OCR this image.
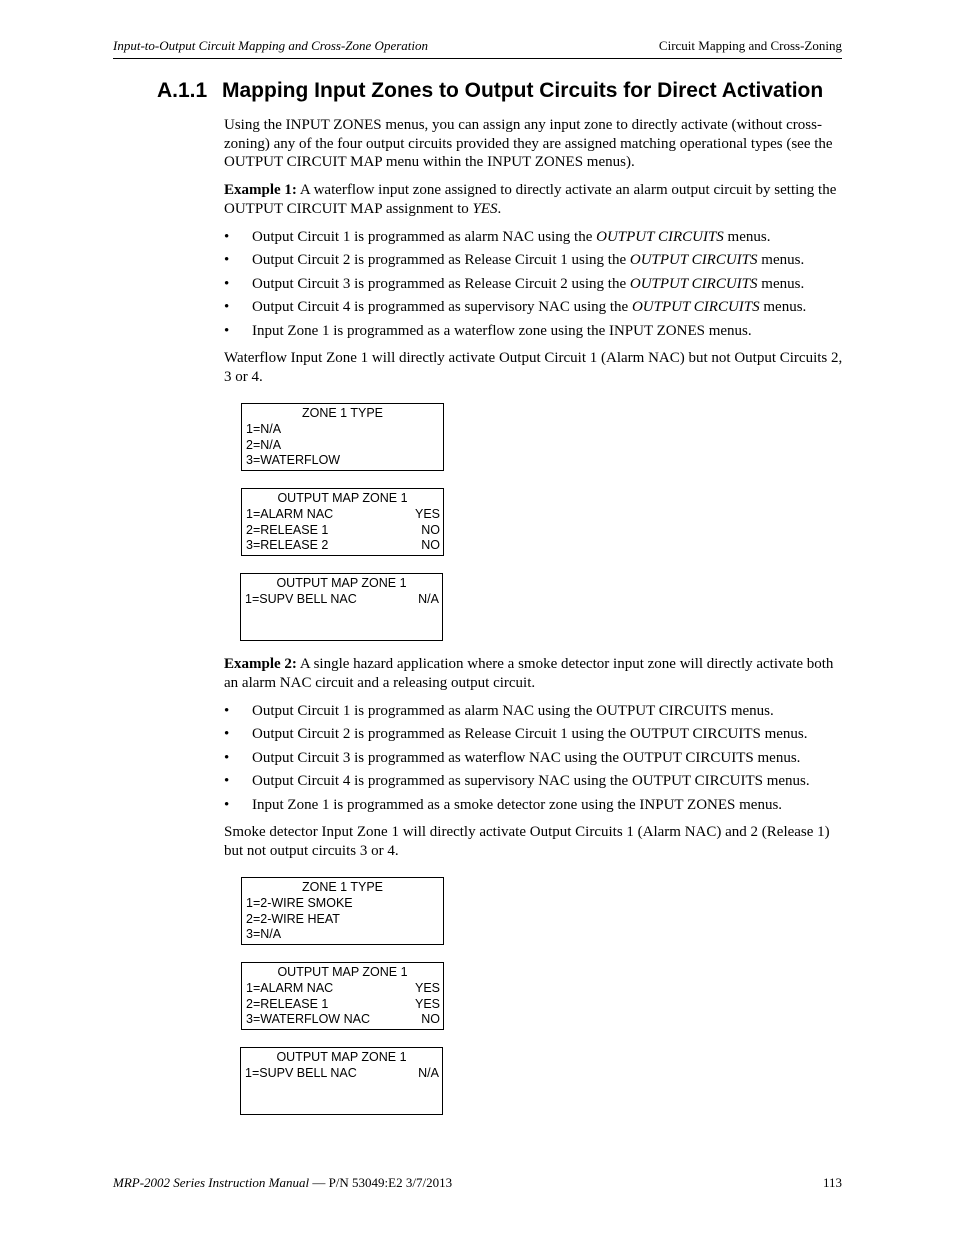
Input-to-Output Circuit Mapping and Cross-Zone Operation	Circuit Mapping and Cross-Zoning
A.1.1 Mapping Input Zones to Output Circuits for Direct Activation

Using the INPUT ZONES menus, you can assign any input zone to directly activate (without cross-zoning) any of the four output circuits provided they are assigned matching operational types (see the OUTPUT CIRCUIT MAP menu within the INPUT ZONES menus).

Example 1: A waterflow input zone assigned to directly activate an alarm output circuit by setting the OUTPUT CIRCUIT MAP assignment to YES.

• Output Circuit 1 is programmed as alarm NAC using the OUTPUT CIRCUITS menus.
• Output Circuit 2 is programmed as Release Circuit 1 using the OUTPUT CIRCUITS menus.
• Output Circuit 3 is programmed as Release Circuit 2 using the OUTPUT CIRCUITS menus.
• Output Circuit 4 is programmed as supervisory NAC using the OUTPUT CIRCUITS menus.
• Input Zone 1 is programmed as a waterflow zone using the INPUT ZONES menus.

Waterflow Input Zone 1 will directly activate Output Circuit 1 (Alarm NAC) but not Output Circuits 2, 3 or 4.

ZONE 1 TYPE
1=N/A
2=N/A
3=WATERFLOW
OUTPUT MAP ZONE 1
1=ALARM NAC	YES
2=RELEASE 1	NO
3=RELEASE 2	NO
OUTPUT MAP ZONE 1
1=SUPV BELL NAC	N/A

Example 2: A single hazard application where a smoke detector input zone will directly activate both an alarm NAC circuit and a releasing output circuit.

• Output Circuit 1 is programmed as alarm NAC using the OUTPUT CIRCUITS menus.
• Output Circuit 2 is programmed as Release Circuit 1 using the OUTPUT CIRCUITS menus.
• Output Circuit 3 is programmed as waterflow NAC using the OUTPUT CIRCUITS menus.
• Output Circuit 4 is programmed as supervisory NAC using the OUTPUT CIRCUITS menus.
• Input Zone 1 is programmed as a smoke detector zone using the INPUT ZONES menus.

Smoke detector Input Zone 1 will directly activate Output Circuits 1 (Alarm NAC) and 2 (Release 1) but not output circuits 3 or 4.

ZONE 1 TYPE
1=2-WIRE SMOKE
2=2-WIRE HEAT
3=N/A
OUTPUT MAP ZONE 1
1=ALARM NAC	YES
2=RELEASE 1	YES
3=WATERFLOW NAC	NO
OUTPUT MAP ZONE 1
1=SUPV BELL NAC	N/A
MRP-2002 Series Instruction Manual — P/N 53049:E2 3/7/2013	113
